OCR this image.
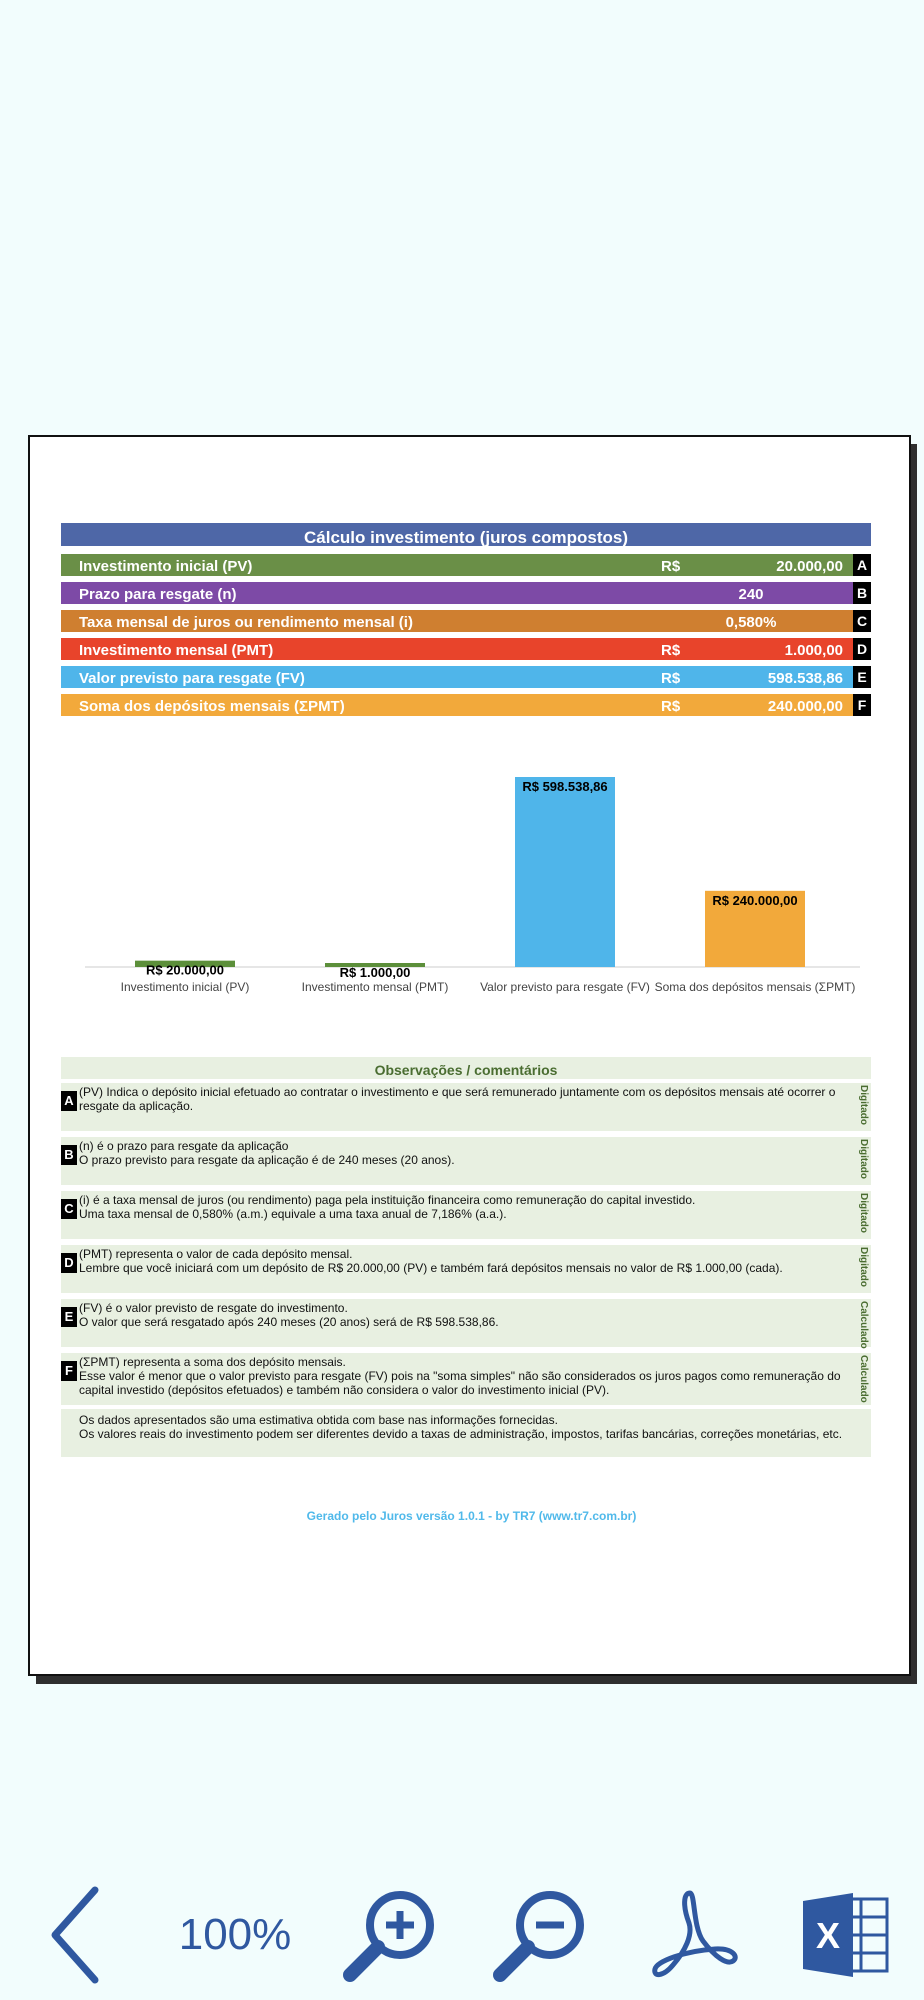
Cálculo investimento (juros compostos)
Investimento inicial (PV)	R$	20.000,00 A
Prazo para resgate (n)	240	B
Taxa mensal de juros ou rendimento mensal (i)	0,580%	C
Investimento mensal (PMT)	R$	1.000,00 D
Valor previsto para resgate (FV)	R$	598.538,86	E
Soma dos depósitos mensais (ΣPMT)	R$	240.000,00	F
R$ 20.000,00
Investimento inicial (PV)
R$ 1.000,00
Investimento mensal (PMT)
R$ 598.538,86
Valor previsto para resgate (FV)
R$ 240.000,00
Soma dos depósitos mensais (ΣPMT)
Observações / comentários
A
(PV) Indica o depósito inicial efetuado ao contratar o investimento e que será remunerado juntamente com os depósitos mensais até ocorrer o resgate da aplicação.	Digitado
B
(n) é o prazo para resgate da aplicação
O prazo previsto para resgate da aplicação é de 240 meses (20 anos).	Digitado
C
(i) é a taxa mensal de juros (ou rendimento) paga pela instituição financeira como remuneração do capital investido.
Uma taxa mensal de 0,580% (a.m.) equivale a uma taxa anual de 7,186% (a.a.).	Digitado
D
(PMT) representa o valor de cada depósito mensal.
Lembre que você iniciará com um depósito de R$ 20.000,00 (PV) e também fará depósitos mensais no valor de R$ 1.000,00 (cada).	Digitado
E
(FV) é o valor previsto de resgate do investimento.
O valor que será resgatado após 240 meses (20 anos) será de R$ 598.538,86.	Calculado
F
(ΣPMT) representa a soma dos depósito mensais.
Esse valor é menor que o valor previsto para resgate (FV) pois na "soma simples" não são considerados os juros pagos como remuneração do capital investido (depósitos efetuados) e também não considera o valor do investimento inicial (PV).	Calculado
Os dados apresentados são uma estimativa obtida com base nas informações fornecidas.
Os valores reais do investimento podem ser diferentes devido a taxas de administração, impostos, tarifas bancárias, correções monetárias, etc.
Gerado pelo Juros versão 1.0.1 - by TR7 (www.tr7.com.br)
100%	X
